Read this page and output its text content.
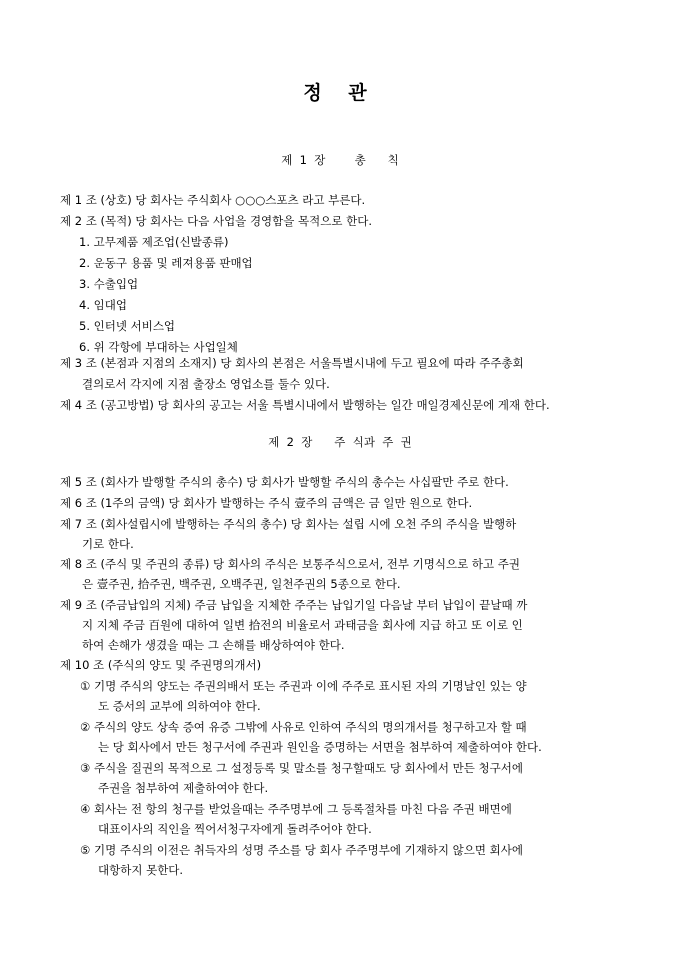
정 관
제  1  장        총      칙
제 1 조 (상호) 당 회사는 주식회사 ○○○스포츠 라고 부른다.
제 2 조 (목적) 당 회사는 다음 사업을 경영함을 목적으로 한다.
1. 고무제품 제조업(신발종류)
2. 운동구 용품 및 레져용품 판매업
3. 수출입업
4. 임대업
5. 인터넷 서비스업
6. 위 각항에 부대하는 사업일체
제 3 조 (본점과 지점의 소재지) 당 회사의 본점은 서울특별시내에 두고 필요에 따라 주주총회
결의로서 각지에 지점 출장소 영업소를 둘수 있다.
제 4 조 (공고방법) 당 회사의 공고는 서울 특별시내에서 발행하는 일간 매일경제신문에 게재 한다.
제  2  장      주  식과  주  권
제 5 조 (회사가 발행할 주식의 총수) 당 회사가 발행할 주식의 총수는 사십팔만 주로 한다.
제 6 조 (1주의 금액) 당 회사가 발행하는 주식 壹주의 금액은 금 일만 원으로 한다.
제 7 조 (회사설립시에 발행하는 주식의 총수) 당 회사는 설립 시에 오천 주의 주식을 발행하
기로 한다.
제 8 조 (주식 및 주권의 종류) 당 회사의 주식은 보통주식으로서, 전부 기명식으로 하고 주권
은 壹주권, 拾주권, 백주권, 오백주권, 일천주권의 5종으로 한다.
제 9 조 (주금납입의 지체) 주금 납입을 지체한 주주는 납입기일 다음날 부터 납입이 끝날때 까
지 지체 주금 百원에 대하여 일변 拾전의 비율로서 과태금을 회사에 지급 하고 또 이로 인
하여 손해가 생겼을 때는 그 손해를 배상하여야 한다.
제 10 조 (주식의 양도 및 주권명의개서)
① 기명 주식의 양도는 주권의배서 또는 주권과 이에 주주로 표시된 자의 기명날인 있는 양
도 증서의 교부에 의하여야 한다.
② 주식의 양도 상속 증여 유증 그밖에 사유로 인하여 주식의 명의개서를 청구하고자 할 때
는 당 회사에서 만든 청구서에 주권과 원인을 증명하는 서면을 첨부하여 제출하여야 한다.
③ 주식을 질권의 목적으로 그 설정등록 및 말소를 청구할때도 당 회사에서 만든 청구서에
주권을 첨부하여 제출하여야 한다.
④ 회사는 전 항의 청구를 받었을때는 주주명부에 그 등록절차를 마친 다음 주권 배면에
대표이사의 직인을 찍어서청구자에게 돌려주어야 한다.
⑤ 기명 주식의 이전은 취득자의 성명 주소를 당 회사 주주명부에 기재하지 않으면 회사에
대항하지 못한다.
